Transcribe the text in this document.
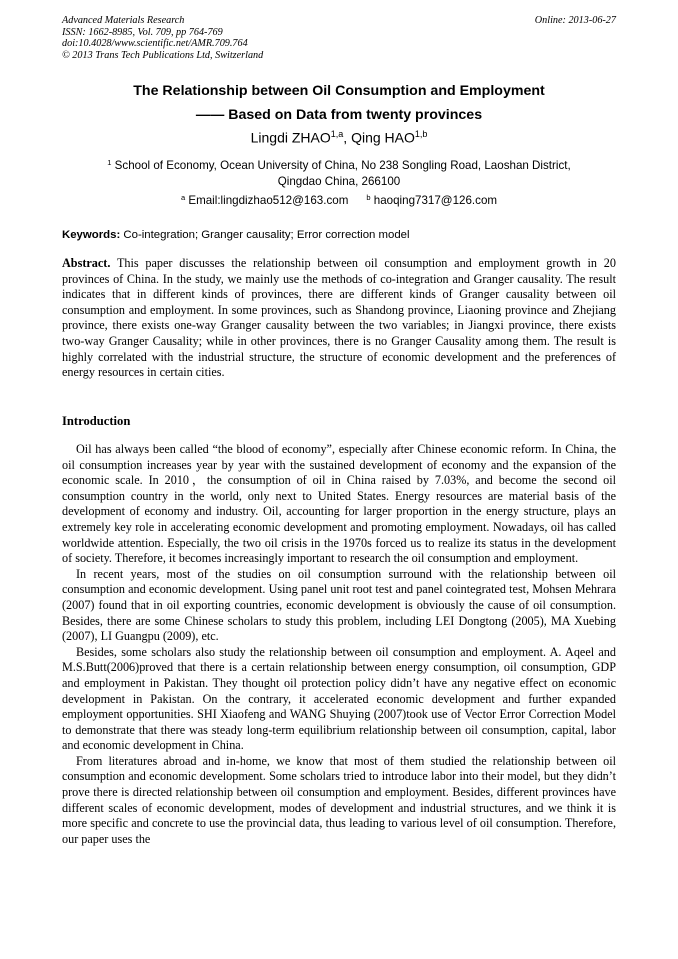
Advanced Materials Research
ISSN: 1662-8985, Vol. 709, pp 764-769
doi:10.4028/www.scientific.net/AMR.709.764
© 2013 Trans Tech Publications Ltd, Switzerland
Online: 2013-06-27
The Relationship between Oil Consumption and Employment
—— Based on Data from twenty provinces
Lingdi ZHAO$^{1,a}$, Qing HAO$^{1,b}$
$^1$ School of Economy, Ocean University of China, No 238 Songling Road, Laoshan District,
Qingdao China, 266100
$^a$ Email:lingdizhao512@163.com $^b$ haoqing7317@126.com
Keywords: Co-integration; Granger causality; Error correction model

Abstract. This paper discusses the relationship between oil consumption and employment growth in 20 provinces of China. In the study, we mainly use the methods of co-integration and Granger causality. The result indicates that in different kinds of provinces, there are different kinds of Granger causality between oil consumption and employment. In some provinces, such as Shandong province, Liaoning province and Zhejiang province, there exists one-way Granger causality between the two variables; in Jiangxi province, there exists two-way Granger Causality; while in other provinces, there is no Granger Causality among them. The result is highly correlated with the industrial structure, the structure of economic development and the preferences of energy resources in certain cities.

Introduction

Oil has always been called “the blood of economy”, especially after Chinese economic reform. In China, the oil consumption increases year by year with the sustained development of economy and the expansion of the economic scale. In 2010，the consumption of oil in China raised by 7.03%, and become the second oil consumption country in the world, only next to United States. Energy resources are material basis of the development of economy and industry. Oil, accounting for larger proportion in the energy structure, plays an extremely key role in accelerating economic development and promoting employment. Nowadays, oil has called worldwide attention. Especially, the two oil crisis in the 1970s forced us to realize its status in the development of society. Therefore, it becomes increasingly important to research the oil consumption and employment.

In recent years, most of the studies on oil consumption surround with the relationship between oil consumption and economic development. Using panel unit root test and panel cointegrated test, Mohsen Mehrara (2007) found that in oil exporting countries, economic development is obviously the cause of oil consumption. Besides, there are some Chinese scholars to study this problem, including LEI Dongtong (2005), MA Xuebing (2007), LI Guangpu (2009), etc.

Besides, some scholars also study the relationship between oil consumption and employment. A. Aqeel and M.S.Butt(2006)proved that there is a certain relationship between energy consumption, oil consumption, GDP and employment in Pakistan. They thought oil protection policy didn’t have any negative effect on economic development in Pakistan. On the contrary, it accelerated economic development and further expanded employment opportunities. SHI Xiaofeng and WANG Shuying (2007)took use of Vector Error Correction Model to demonstrate that there was steady long-term equilibrium relationship between oil consumption, capital, labor and economic development in China.

From literatures abroad and in-home, we know that most of them studied the relationship between oil consumption and economic development. Some scholars tried to introduce labor into their model, but they didn’t prove there is directed relationship between oil consumption and employment. Besides, different provinces have different scales of economic development, modes of development and industrial structures, and we think it is more specific and concrete to use the provincial data, thus leading to various level of oil consumption. Therefore, our paper uses the
